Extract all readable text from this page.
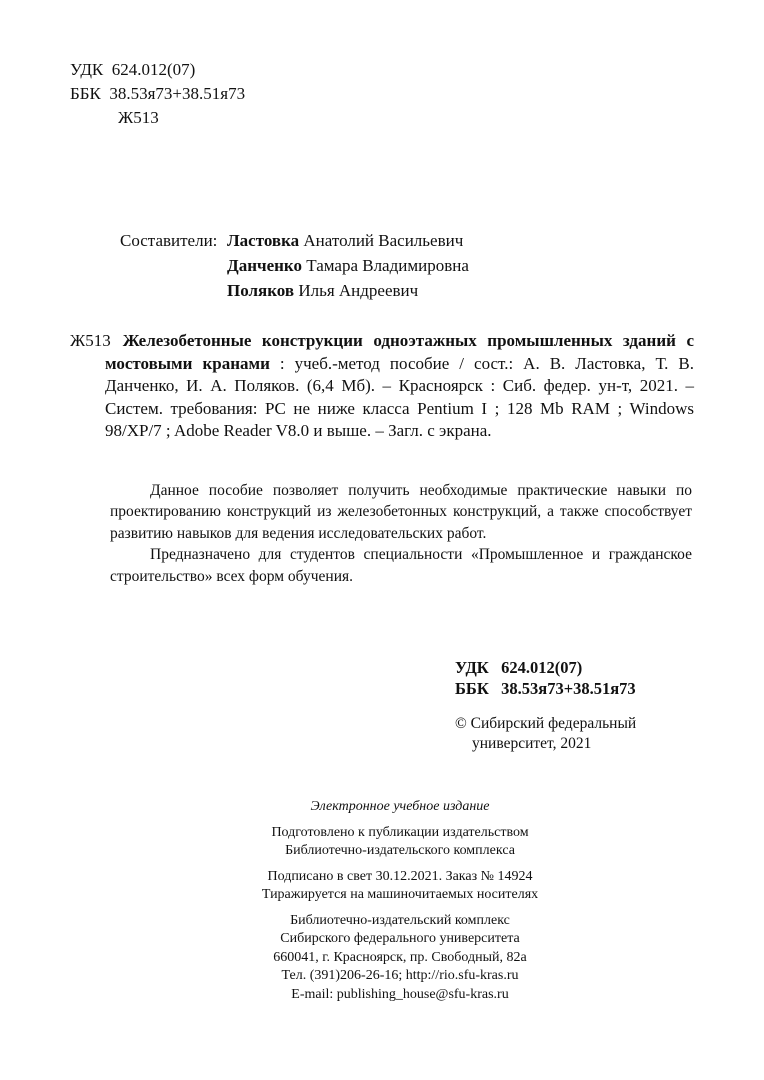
УДК  624.012(07)
ББК  38.53я73+38.51я73
Ж513
Составители: Ластовка Анатолий Васильевич
Данченко Тамара Владимировна
Поляков Илья Андреевич

Ж513 Железобетонные конструкции одноэтажных промышленных зданий с мостовыми кранами : учеб.-метод пособие / сост.: А. В. Ластовка, Т. В. Данченко, И. А. Поляков. (6,4 Мб). – Красноярск : Сиб. федер. ун-т, 2021. – Систем. требования: PC не ниже класса Pentium I ; 128 Mb RAM ; Windows 98/XP/7 ; Adobe Reader V8.0 и выше. – Загл. с экрана.

Данное пособие позволяет получить необходимые практические навыки по проектированию конструкций из железобетонных конструкций, а также способствует развитию навыков для ведения исследовательских работ.

Предназначено для студентов специальности «Промышленное и гражданское строительство» всех форм обучения.

УДК   624.012(07)
ББК   38.53я73+38.51я73
© Сибирский федеральный
университет, 2021
Электронное учебное издание
Подготовлено к публикации издательством
Библиотечно-издательского комплекса
Подписано в свет 30.12.2021. Заказ № 14924
Тиражируется на машиночитаемых носителях
Библиотечно-издательский комплекс
Сибирского федерального университета
660041, г. Красноярск, пр. Свободный, 82а
Тел. (391)206-26-16; http://rio.sfu-kras.ru
E-mail: publishing_house@sfu-kras.ru
